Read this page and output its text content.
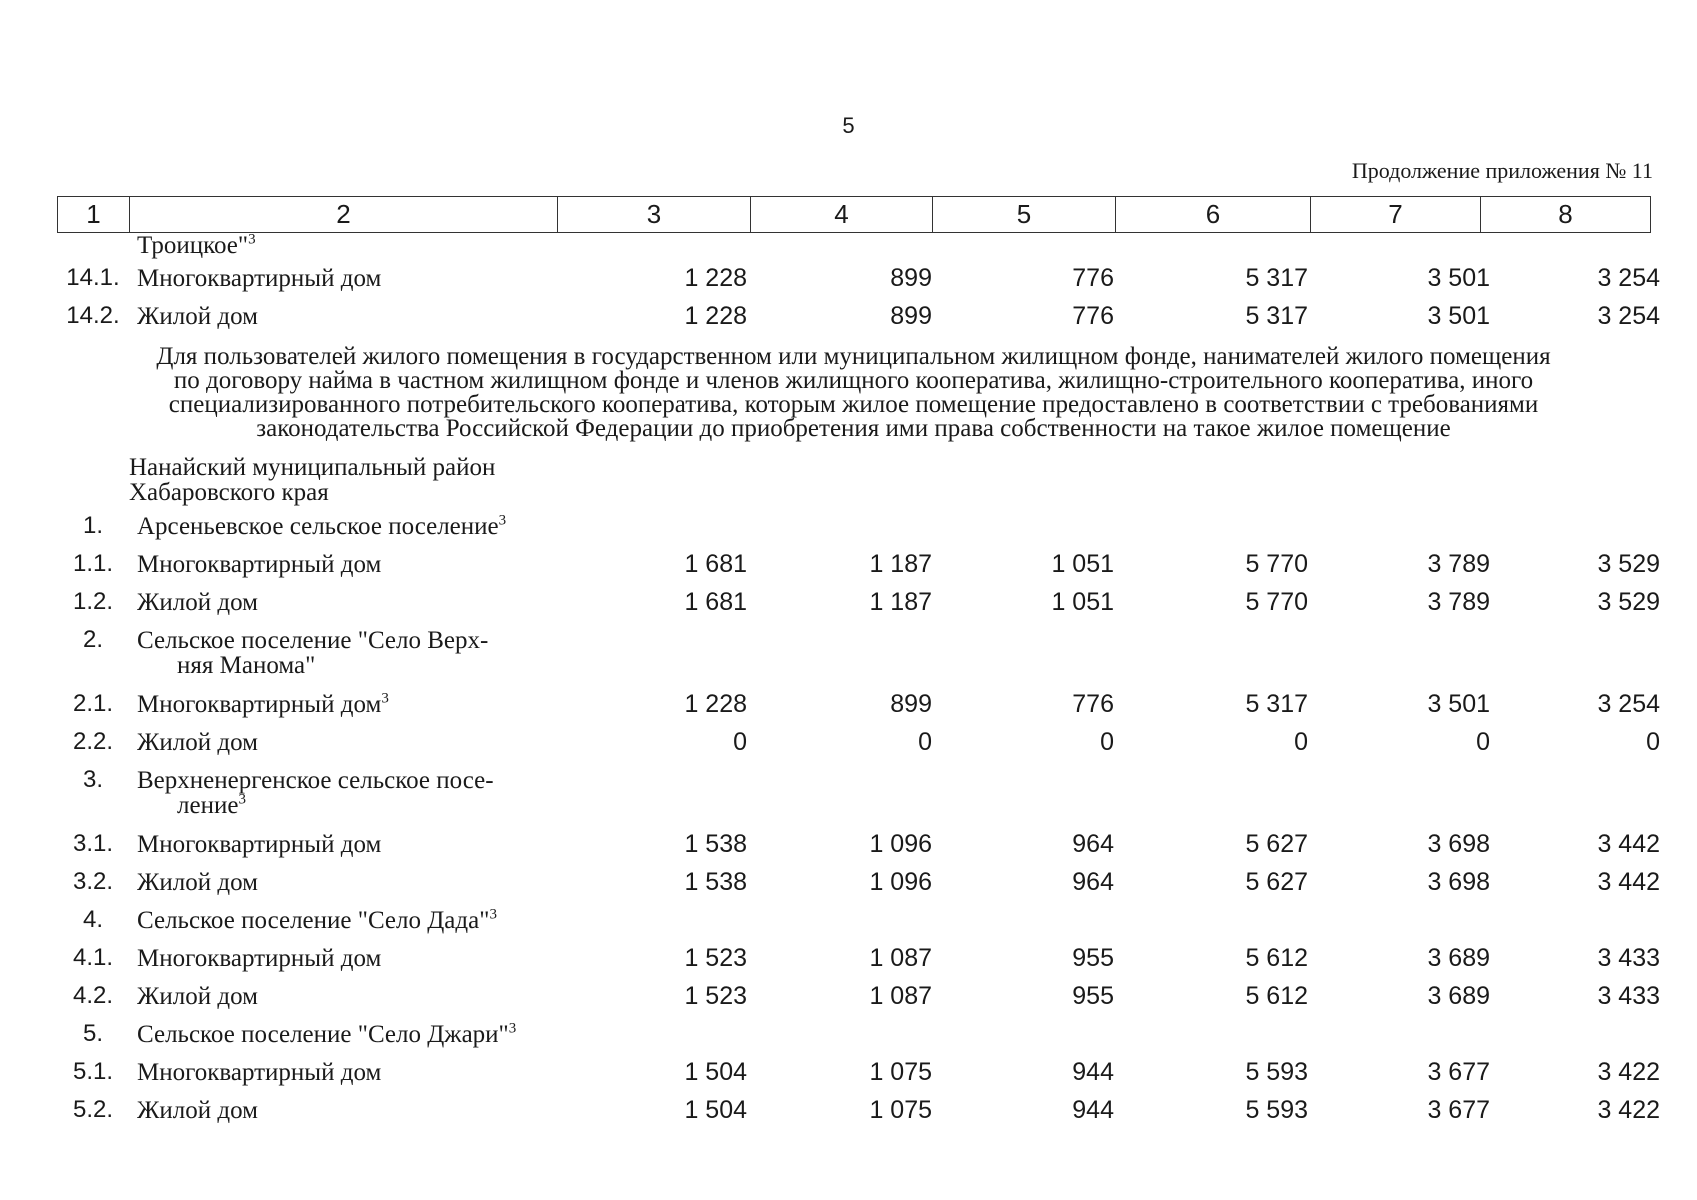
5
Продолжение приложения № 11
1	2	3	4	5	6	7	8
Троицкое"$^3$
14.1. Многоквартирный дом	1 228	899	776	5 317	3 501	3 254
14.2. Жилой дом	1 228	899	776	5 317	3 501	3 254
Для пользователей жилого помещения в государственном или муниципальном жилищном фонде, нанимателей жилого помещения
по договору найма в частном жилищном фонде и членов жилищного кооператива, жилищно-строительного кооператива, иного
специализированного потребительского кооператива, которым жилое помещение предоставлено в соответствии с требованиями
законодательства Российской Федерации до приобретения ими права собственности на такое жилое помещение
Нанайский муниципальный район
Хабаровского края
1.	Арсеньевское сельское поселение$^3$
1.1. Многоквартирный дом	1 681	1 187	1 051	5 770	3 789	3 529
1.2. Жилой дом	1 681	1 187	1 051	5 770	3 789	3 529
2.	Сельское поселение "Село Верх-
няя Манома"
2.1. Многоквартирный дом$^3$	1 228	899	776	5 317	3 501	3 254
2.2. Жилой дом	0	0	0	0	0	0
3.	Верхненергенское сельское посе-
ление$^3$
3.1. Многоквартирный дом	1 538	1 096	964	5 627	3 698	3 442
3.2. Жилой дом	1 538	1 096	964	5 627	3 698	3 442
4.	Сельское поселение "Село Дада"$^3$
4.1. Многоквартирный дом	1 523	1 087	955	5 612	3 689	3 433
4.2. Жилой дом	1 523	1 087	955	5 612	3 689	3 433
5.	Сельское поселение "Село Джари"$^3$
5.1. Многоквартирный дом	1 504	1 075	944	5 593	3 677	3 422
5.2. Жилой дом	1 504	1 075	944	5 593	3 677	3 422
